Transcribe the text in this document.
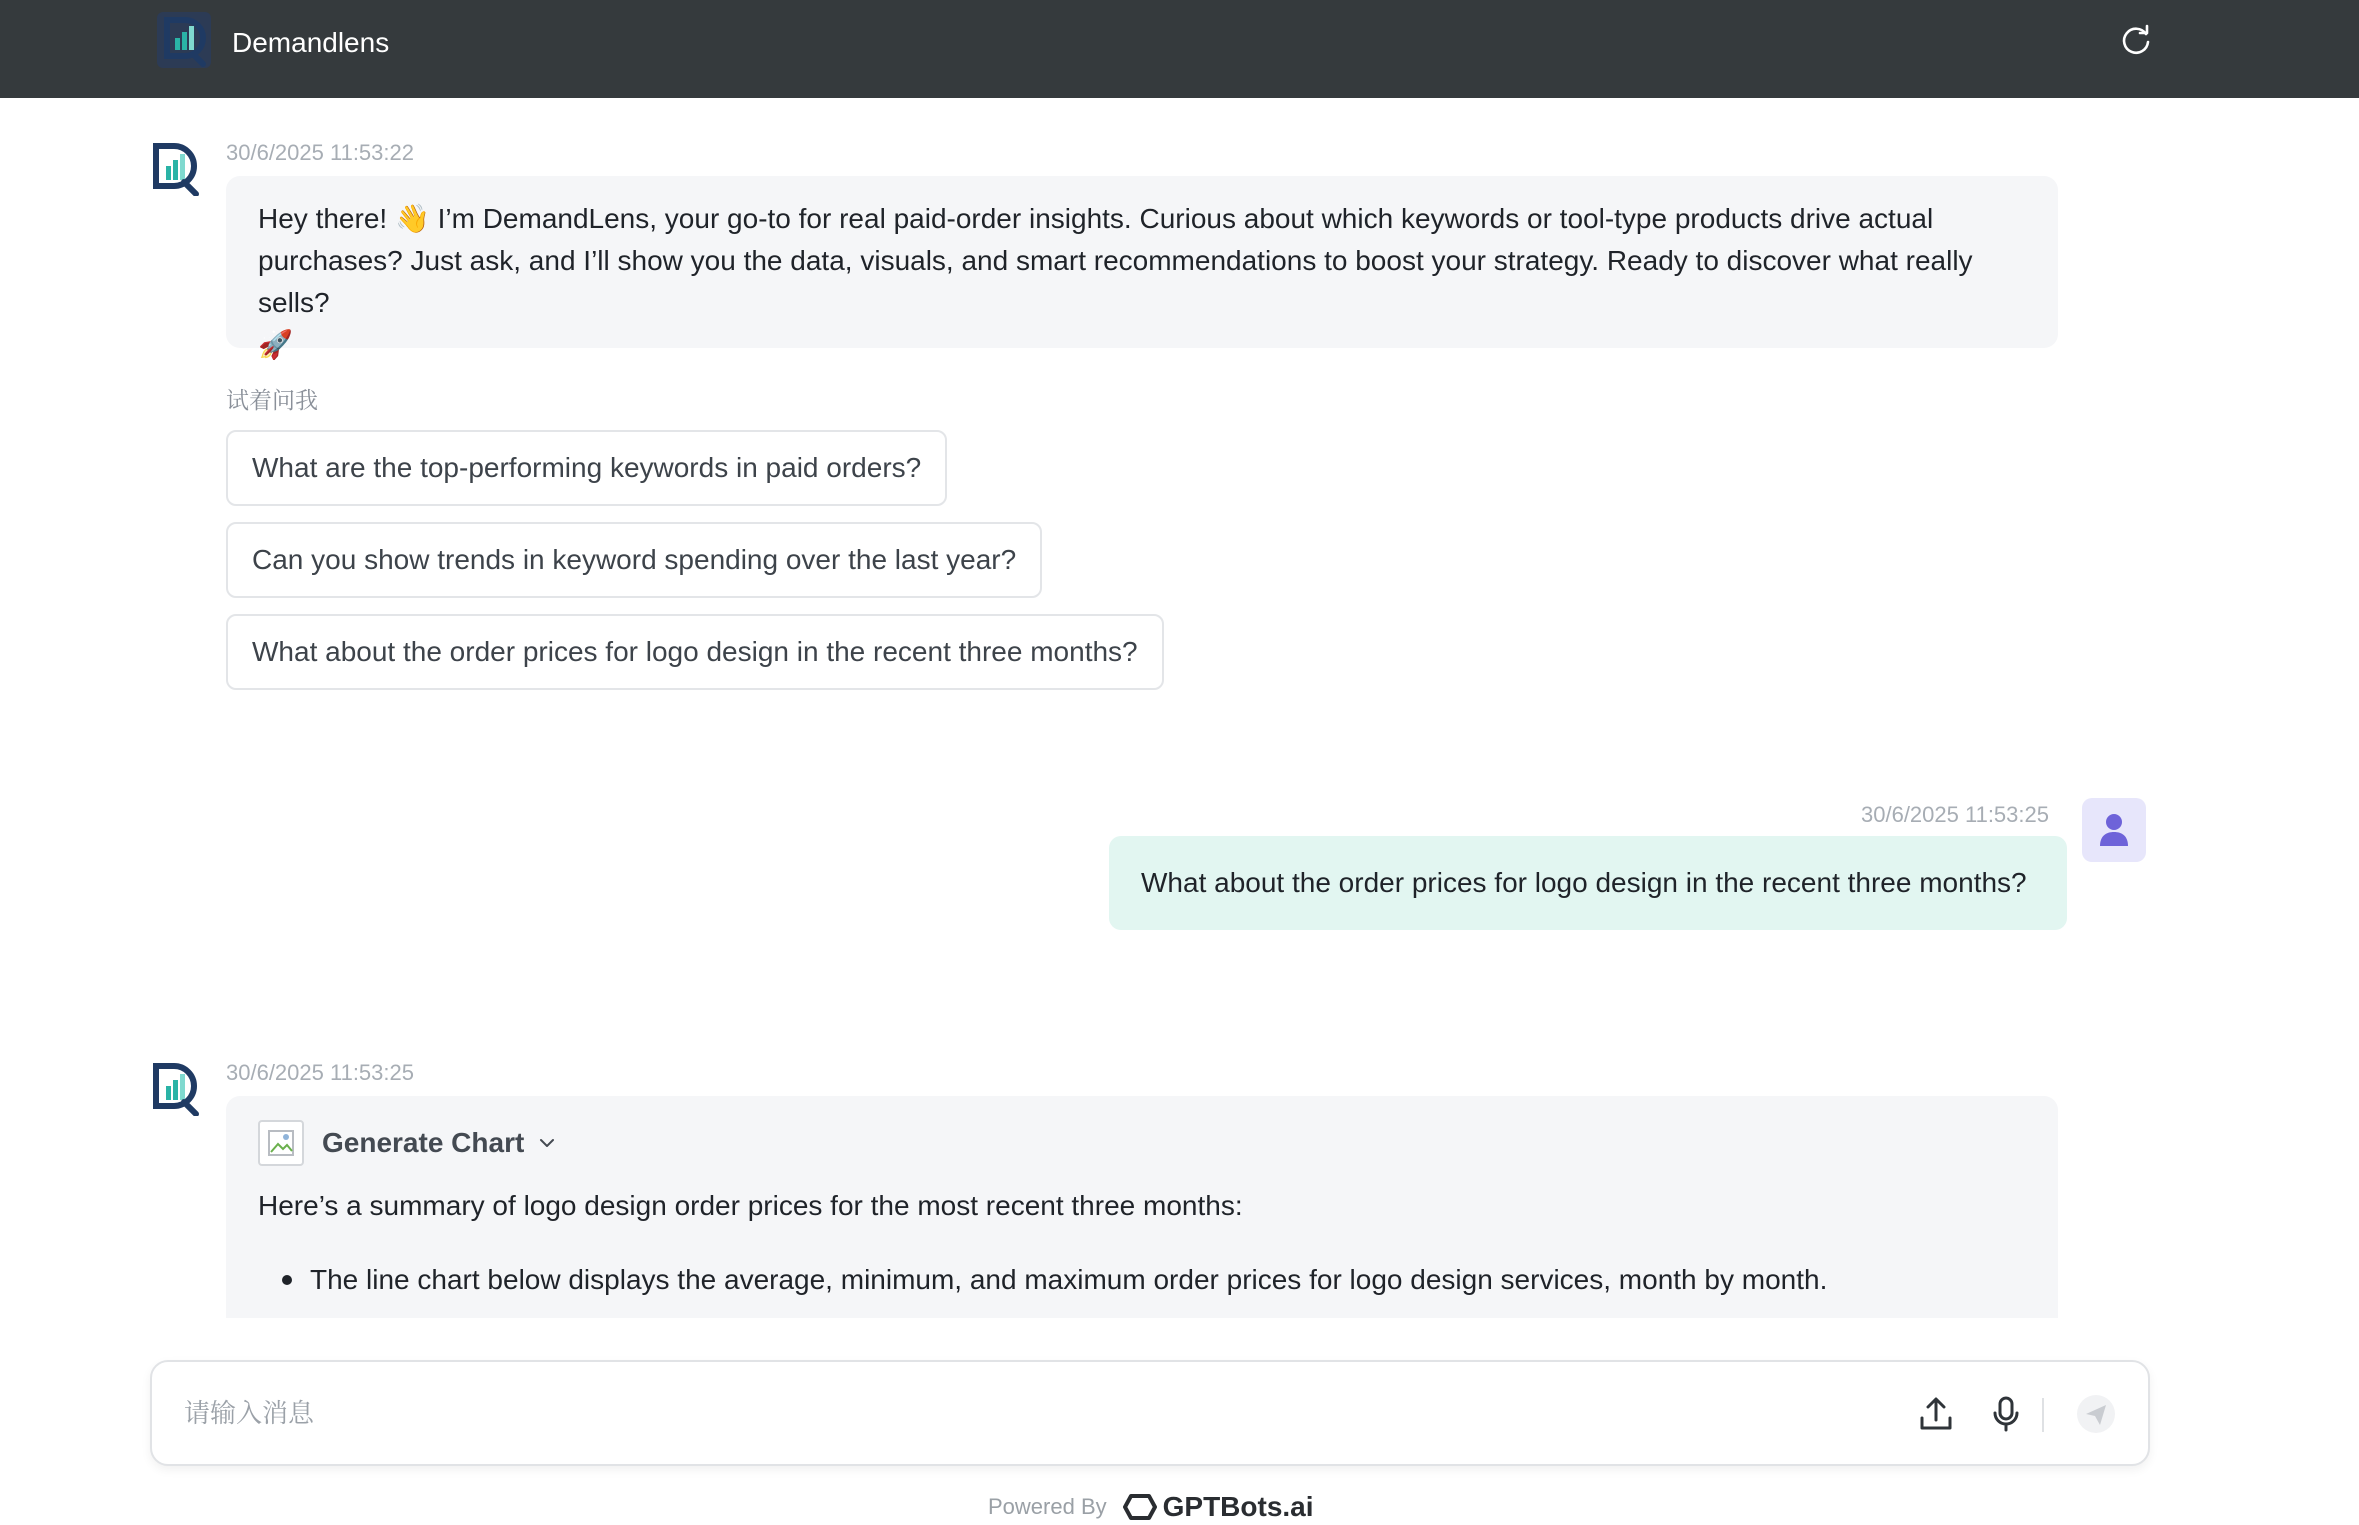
Demandlens
30/6/2025 11:53:22
Hey there! 👋 I’m DemandLens, your go-to for real paid-order insights. Curious about which keywords or tool-type products drive actual
purchases? Just ask, and I’ll show you the data, visuals, and smart recommendations to boost your strategy. Ready to discover what really sells?
🚀
试着问我
What are the top-performing keywords in paid orders?
Can you show trends in keyword spending over the last year?
What about the order prices for logo design in the recent three months?
30/6/2025 11:53:25
What about the order prices for logo design in the recent three months?
30/6/2025 11:53:25
Generate Chart
Here’s a summary of logo design order prices for the most recent three months:
The line chart below displays the average, minimum, and maximum order prices for logo design services, month by month.
请输入消息
Powered By GPTBots.ai
